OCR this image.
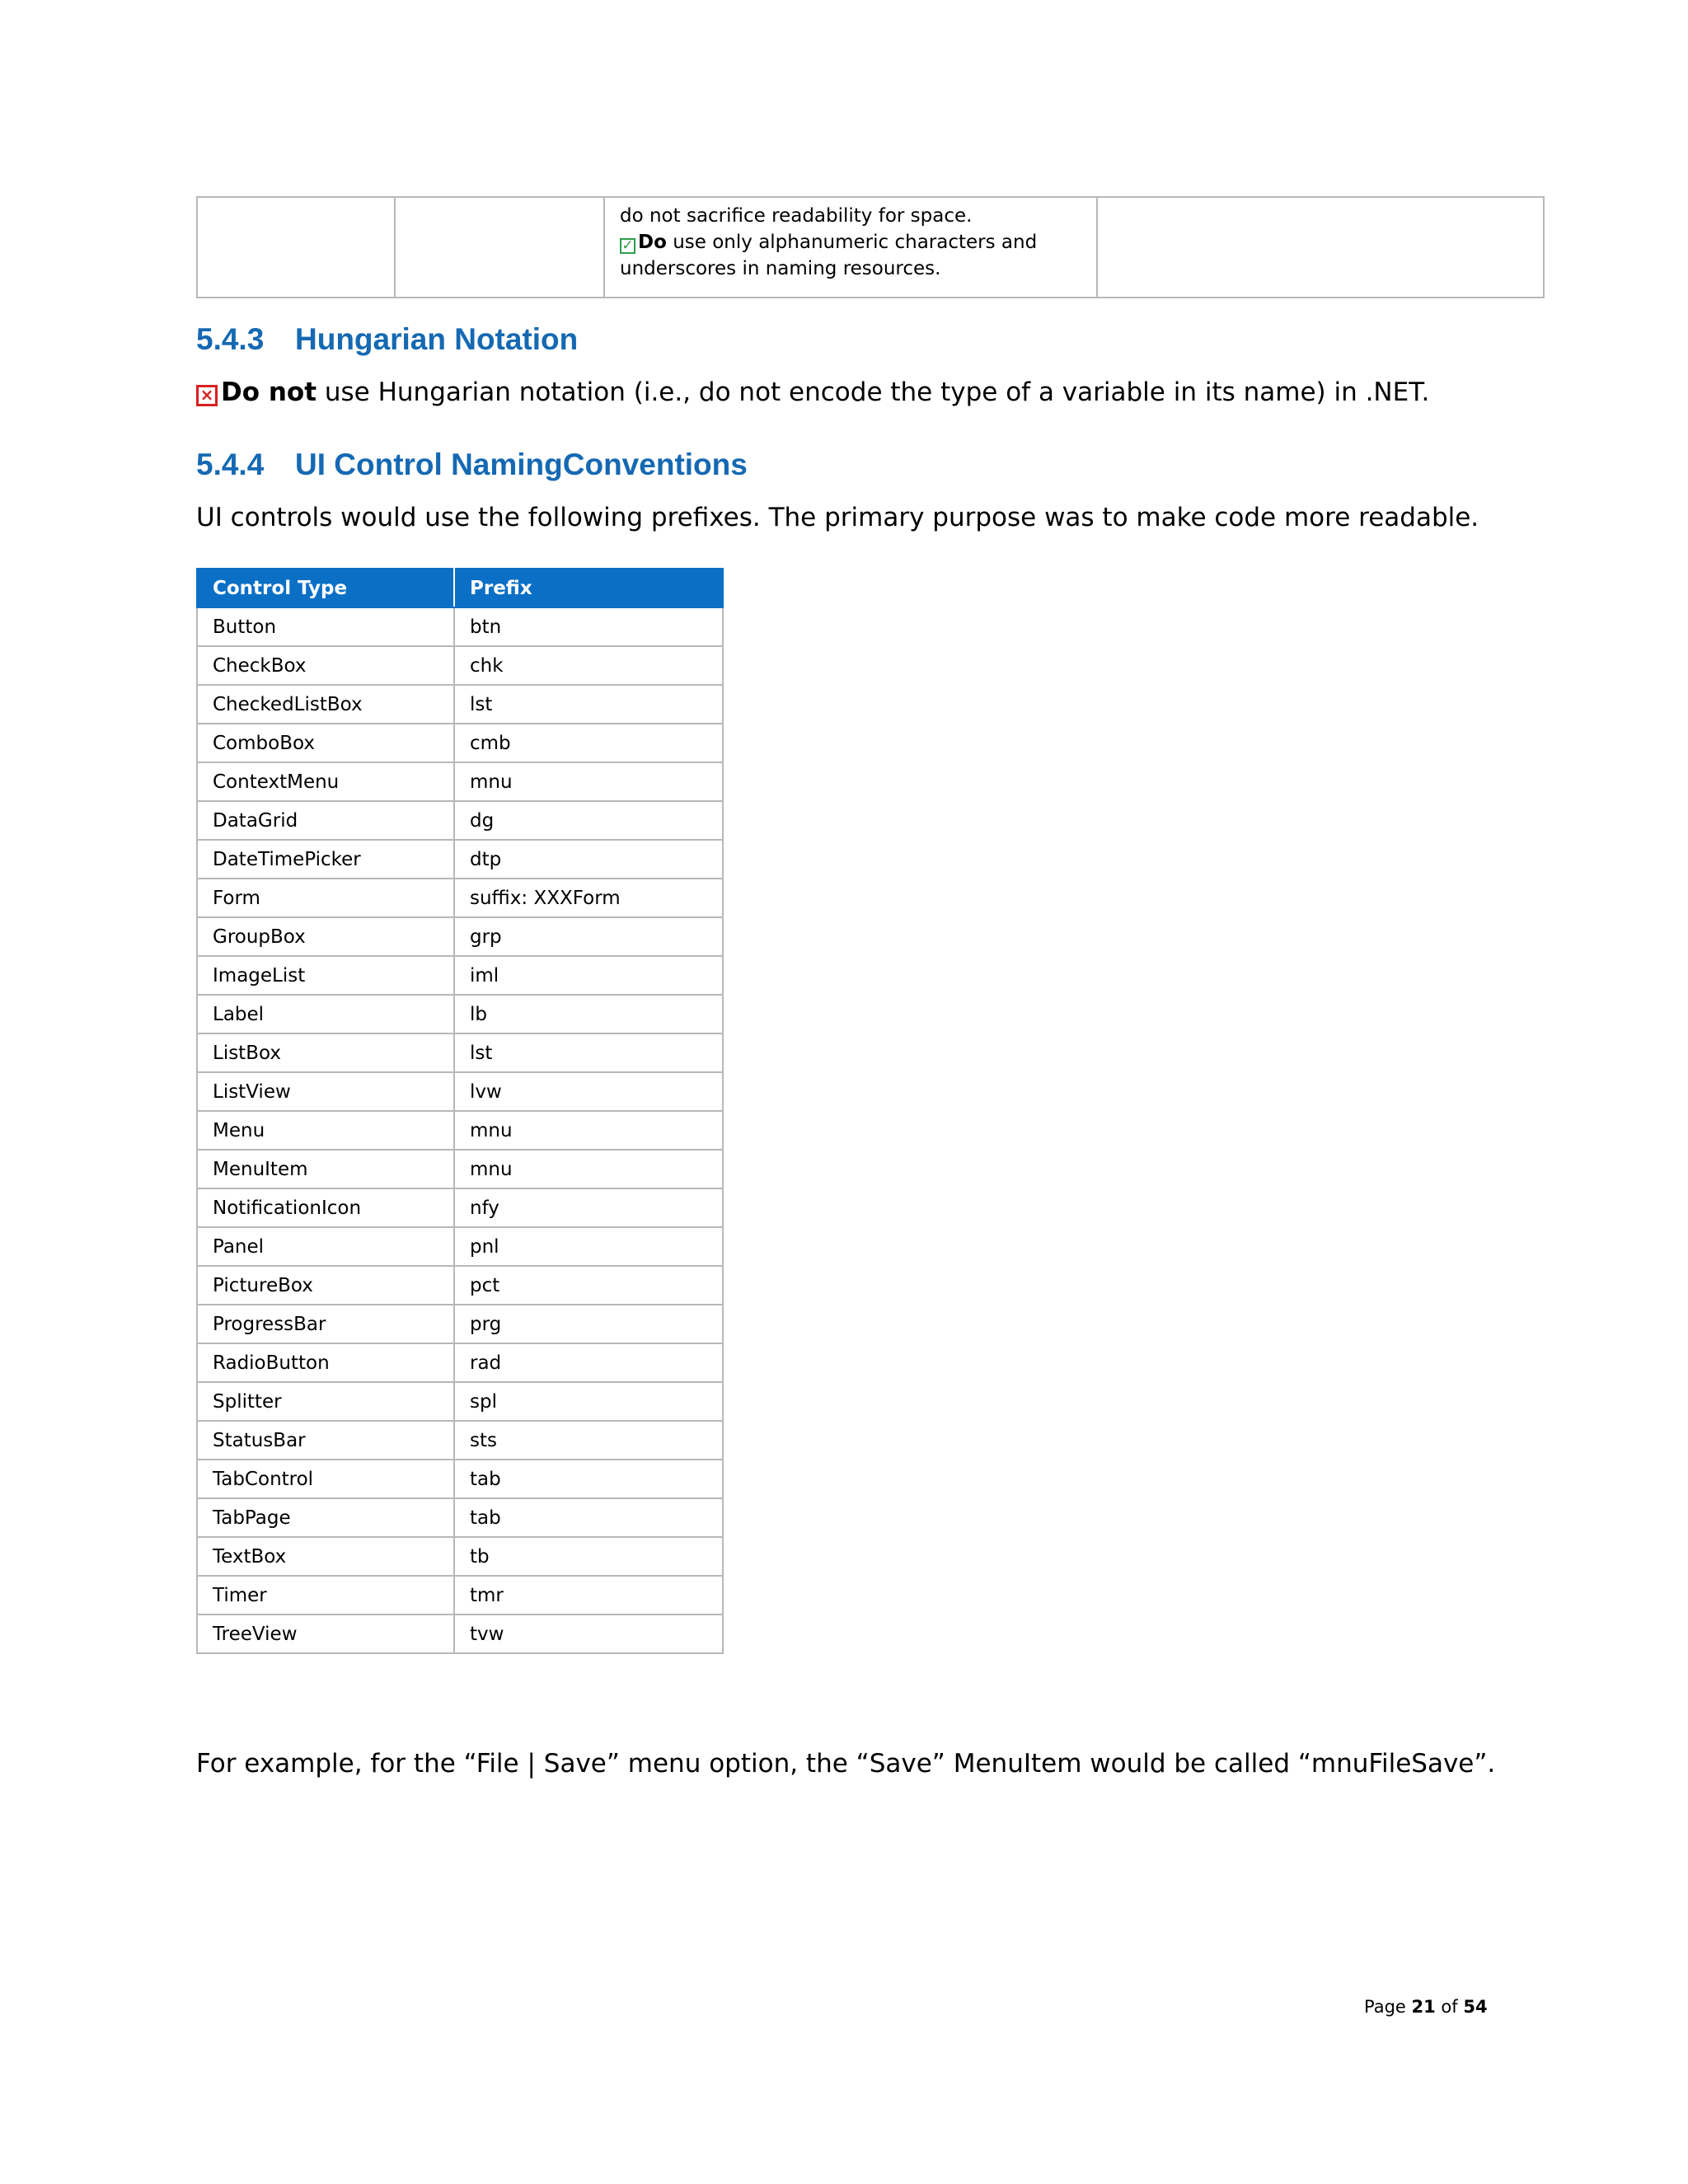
do not sacrifice readability for space.
✓ Do use only alphanumeric characters and
underscores in naming resources.

5.4.3 Hungarian Notation

× Do not use Hungarian notation (i.e., do not encode the type of a variable in its name) in .NET.

5.4.4 UI Control NamingConventions

UI controls would use the following prefixes. The primary purpose was to make code more readable.

Control Type	Prefix
Button	btn
CheckBox	chk
CheckedListBox	lst
ComboBox	cmb
ContextMenu	mnu
DataGrid	dg
DateTimePicker	dtp
Form	suffix: XXXForm
GroupBox	grp
ImageList	iml
Label	lb
ListBox	lst
ListView	lvw
Menu	mnu
MenuItem	mnu
NotificationIcon	nfy
Panel	pnl
PictureBox	pct
ProgressBar	prg
RadioButton	rad
Splitter	spl
StatusBar	sts
TabControl	tab
TabPage	tab
TextBox	tb
Timer	tmr
TreeView	tvw

For example, for the “File | Save” menu option, the “Save” MenuItem would be called “mnuFileSave”.

Page 21 of 54
